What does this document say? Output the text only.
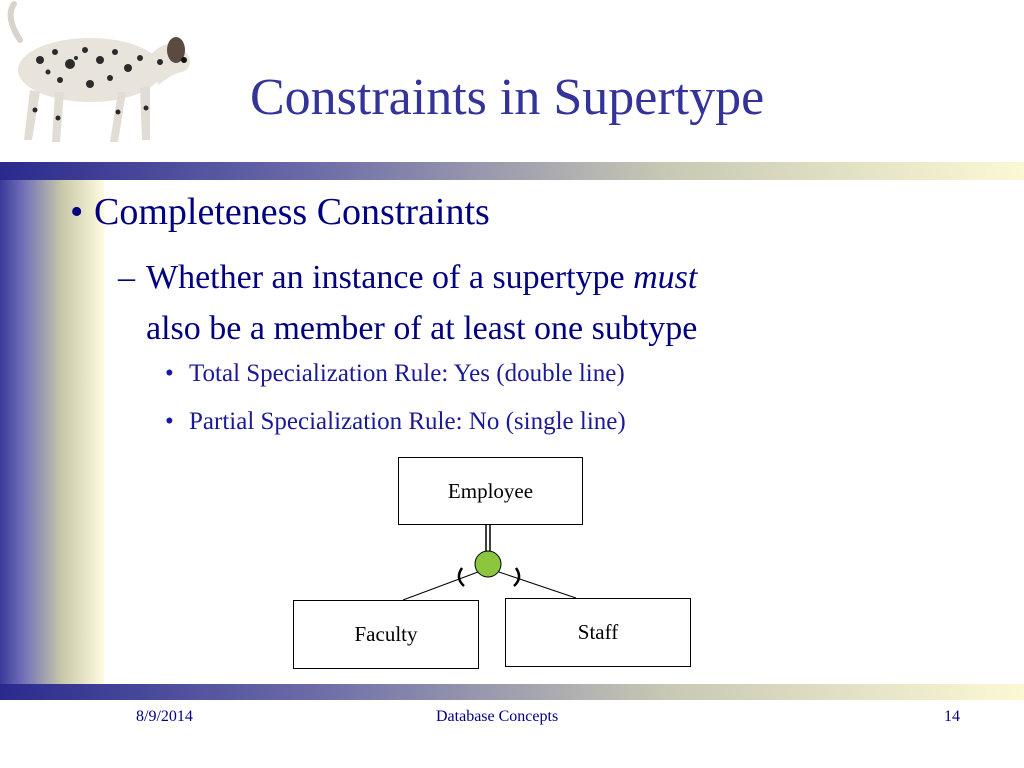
Constraints in Supertype
• Completeness Constraints
– Whether an instance of a supertype must
also be a member of at least one subtype
• Total Specialization Rule: Yes (double line)
• Partial Specialization Rule: No (single line)
Employee
Faculty	Staff
8/9/2014	Database Concepts	14
